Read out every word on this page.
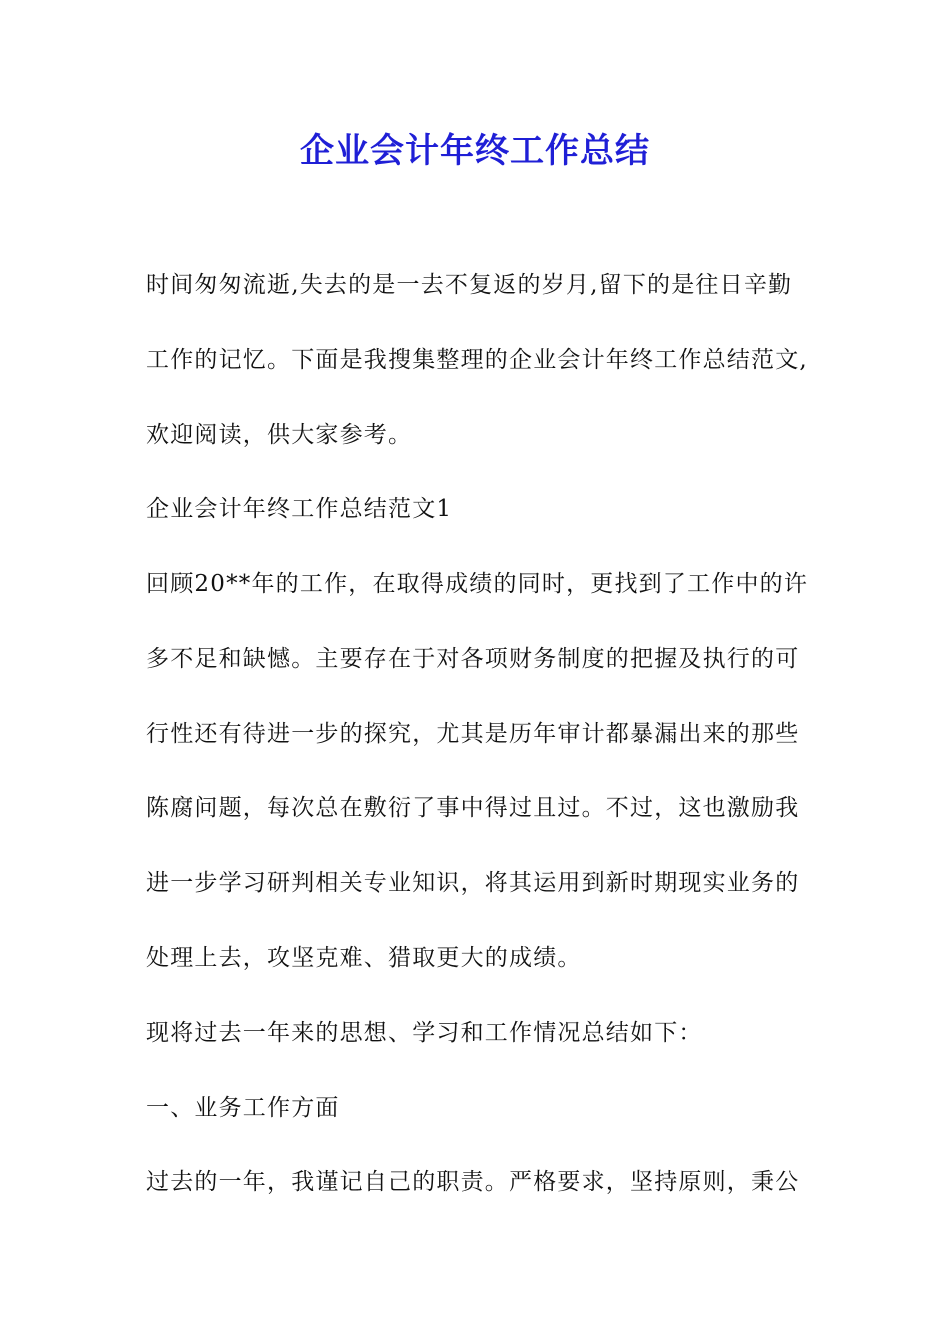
企业会计年终工作总结
时间匆匆流逝,失去的是一去不复返的岁月,留下的是往日辛勤
工作的记忆。下面是我搜集整理的企业会计年终工作总结范文,
欢迎阅读，供大家参考。
企业会计年终工作总结范文1
回顾20**年的工作，在取得成绩的同时，更找到了工作中的许
多不足和缺憾。主要存在于对各项财务制度的把握及执行的可
行性还有待进一步的探究，尤其是历年审计都暴漏出来的那些
陈腐问题，每次总在敷衍了事中得过且过。不过，这也激励我
进一步学习研判相关专业知识，将其运用到新时期现实业务的
处理上去，攻坚克难、猎取更大的成绩。
现将过去一年来的思想、学习和工作情况总结如下：
一、业务工作方面
过去的一年，我谨记自己的职责。严格要求，坚持原则，秉公
